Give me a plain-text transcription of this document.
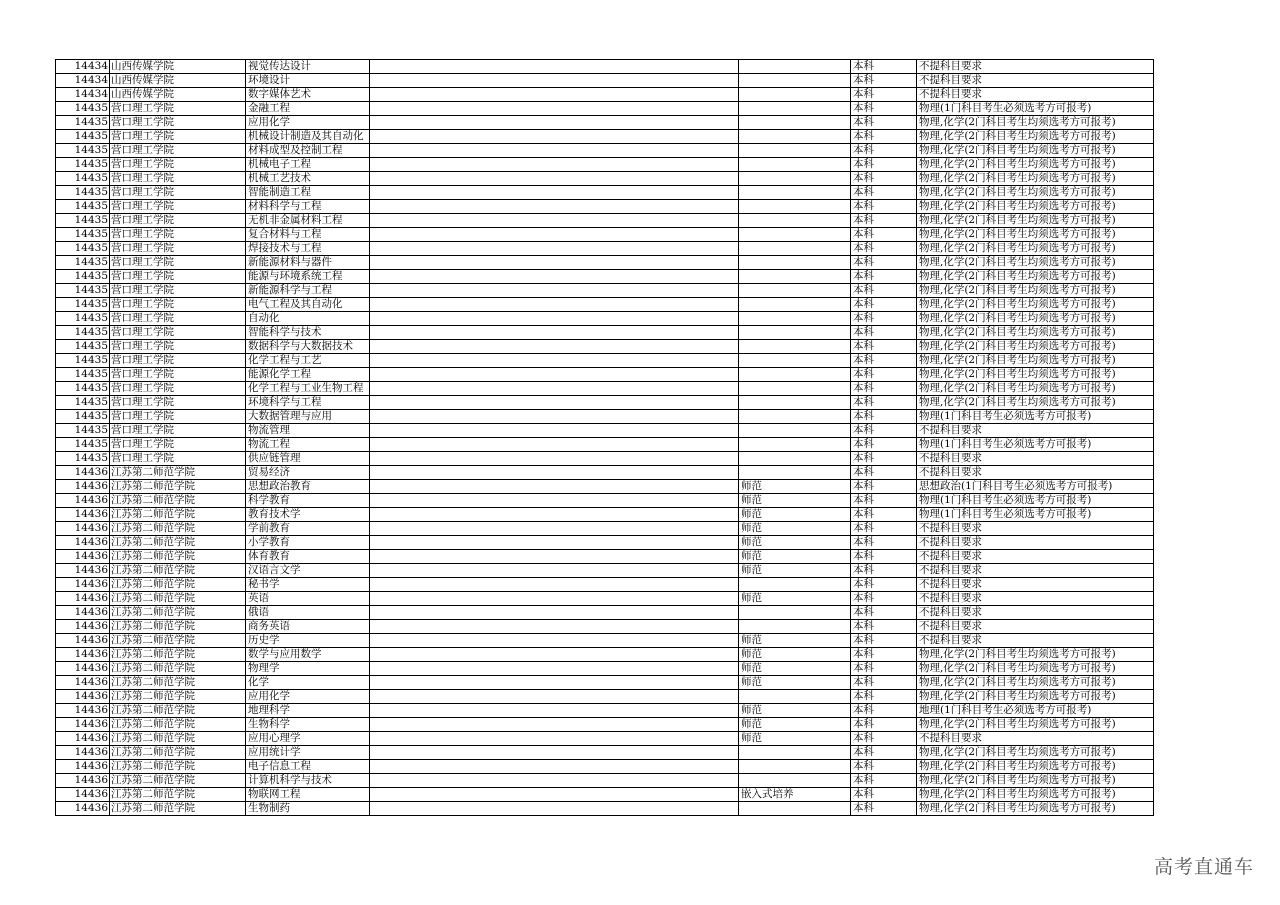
14434	山西传媒学院	视觉传达设计			本科	不提科目要求
14434	山西传媒学院	环境设计			本科	不提科目要求
14434	山西传媒学院	数字媒体艺术			本科	不提科目要求
14435	营口理工学院	金融工程			本科	物理(1门科目考生必须选考方可报考)
14435	营口理工学院	应用化学			本科	物理,化学(2门科目考生均须选考方可报考)
14435	营口理工学院	机械设计制造及其自动化			本科	物理,化学(2门科目考生均须选考方可报考)
14435	营口理工学院	材料成型及控制工程			本科	物理,化学(2门科目考生均须选考方可报考)
14435	营口理工学院	机械电子工程			本科	物理,化学(2门科目考生均须选考方可报考)
14435	营口理工学院	机械工艺技术			本科	物理,化学(2门科目考生均须选考方可报考)
14435	营口理工学院	智能制造工程			本科	物理,化学(2门科目考生均须选考方可报考)
14435	营口理工学院	材料科学与工程			本科	物理,化学(2门科目考生均须选考方可报考)
14435	营口理工学院	无机非金属材料工程			本科	物理,化学(2门科目考生均须选考方可报考)
14435	营口理工学院	复合材料与工程			本科	物理,化学(2门科目考生均须选考方可报考)
14435	营口理工学院	焊接技术与工程			本科	物理,化学(2门科目考生均须选考方可报考)
14435	营口理工学院	新能源材料与器件			本科	物理,化学(2门科目考生均须选考方可报考)
14435	营口理工学院	能源与环境系统工程			本科	物理,化学(2门科目考生均须选考方可报考)
14435	营口理工学院	新能源科学与工程			本科	物理,化学(2门科目考生均须选考方可报考)
14435	营口理工学院	电气工程及其自动化			本科	物理,化学(2门科目考生均须选考方可报考)
14435	营口理工学院	自动化			本科	物理,化学(2门科目考生均须选考方可报考)
14435	营口理工学院	智能科学与技术			本科	物理,化学(2门科目考生均须选考方可报考)
14435	营口理工学院	数据科学与大数据技术			本科	物理,化学(2门科目考生均须选考方可报考)
14435	营口理工学院	化学工程与工艺			本科	物理,化学(2门科目考生均须选考方可报考)
14435	营口理工学院	能源化学工程			本科	物理,化学(2门科目考生均须选考方可报考)
14435	营口理工学院	化学工程与工业生物工程			本科	物理,化学(2门科目考生均须选考方可报考)
14435	营口理工学院	环境科学与工程			本科	物理,化学(2门科目考生均须选考方可报考)
14435	营口理工学院	大数据管理与应用			本科	物理(1门科目考生必须选考方可报考)
14435	营口理工学院	物流管理			本科	不提科目要求
14435	营口理工学院	物流工程			本科	物理(1门科目考生必须选考方可报考)
14435	营口理工学院	供应链管理			本科	不提科目要求
14436	江苏第二师范学院	贸易经济			本科	不提科目要求
14436	江苏第二师范学院	思想政治教育		师范	本科	思想政治(1门科目考生必须选考方可报考)
14436	江苏第二师范学院	科学教育		师范	本科	物理(1门科目考生必须选考方可报考)
14436	江苏第二师范学院	教育技术学		师范	本科	物理(1门科目考生必须选考方可报考)
14436	江苏第二师范学院	学前教育		师范	本科	不提科目要求
14436	江苏第二师范学院	小学教育		师范	本科	不提科目要求
14436	江苏第二师范学院	体育教育		师范	本科	不提科目要求
14436	江苏第二师范学院	汉语言文学		师范	本科	不提科目要求
14436	江苏第二师范学院	秘书学			本科	不提科目要求
14436	江苏第二师范学院	英语		师范	本科	不提科目要求
14436	江苏第二师范学院	俄语			本科	不提科目要求
14436	江苏第二师范学院	商务英语			本科	不提科目要求
14436	江苏第二师范学院	历史学		师范	本科	不提科目要求
14436	江苏第二师范学院	数学与应用数学		师范	本科	物理,化学(2门科目考生均须选考方可报考)
14436	江苏第二师范学院	物理学		师范	本科	物理,化学(2门科目考生均须选考方可报考)
14436	江苏第二师范学院	化学		师范	本科	物理,化学(2门科目考生均须选考方可报考)
14436	江苏第二师范学院	应用化学			本科	物理,化学(2门科目考生均须选考方可报考)
14436	江苏第二师范学院	地理科学		师范	本科	地理(1门科目考生必须选考方可报考)
14436	江苏第二师范学院	生物科学		师范	本科	物理,化学(2门科目考生均须选考方可报考)
14436	江苏第二师范学院	应用心理学		师范	本科	不提科目要求
14436	江苏第二师范学院	应用统计学			本科	物理,化学(2门科目考生均须选考方可报考)
14436	江苏第二师范学院	电子信息工程			本科	物理,化学(2门科目考生均须选考方可报考)
14436	江苏第二师范学院	计算机科学与技术			本科	物理,化学(2门科目考生均须选考方可报考)
14436	江苏第二师范学院	物联网工程		嵌入式培养	本科	物理,化学(2门科目考生均须选考方可报考)
14436	江苏第二师范学院	生物制药			本科	物理,化学(2门科目考生均须选考方可报考)
高考直通车
